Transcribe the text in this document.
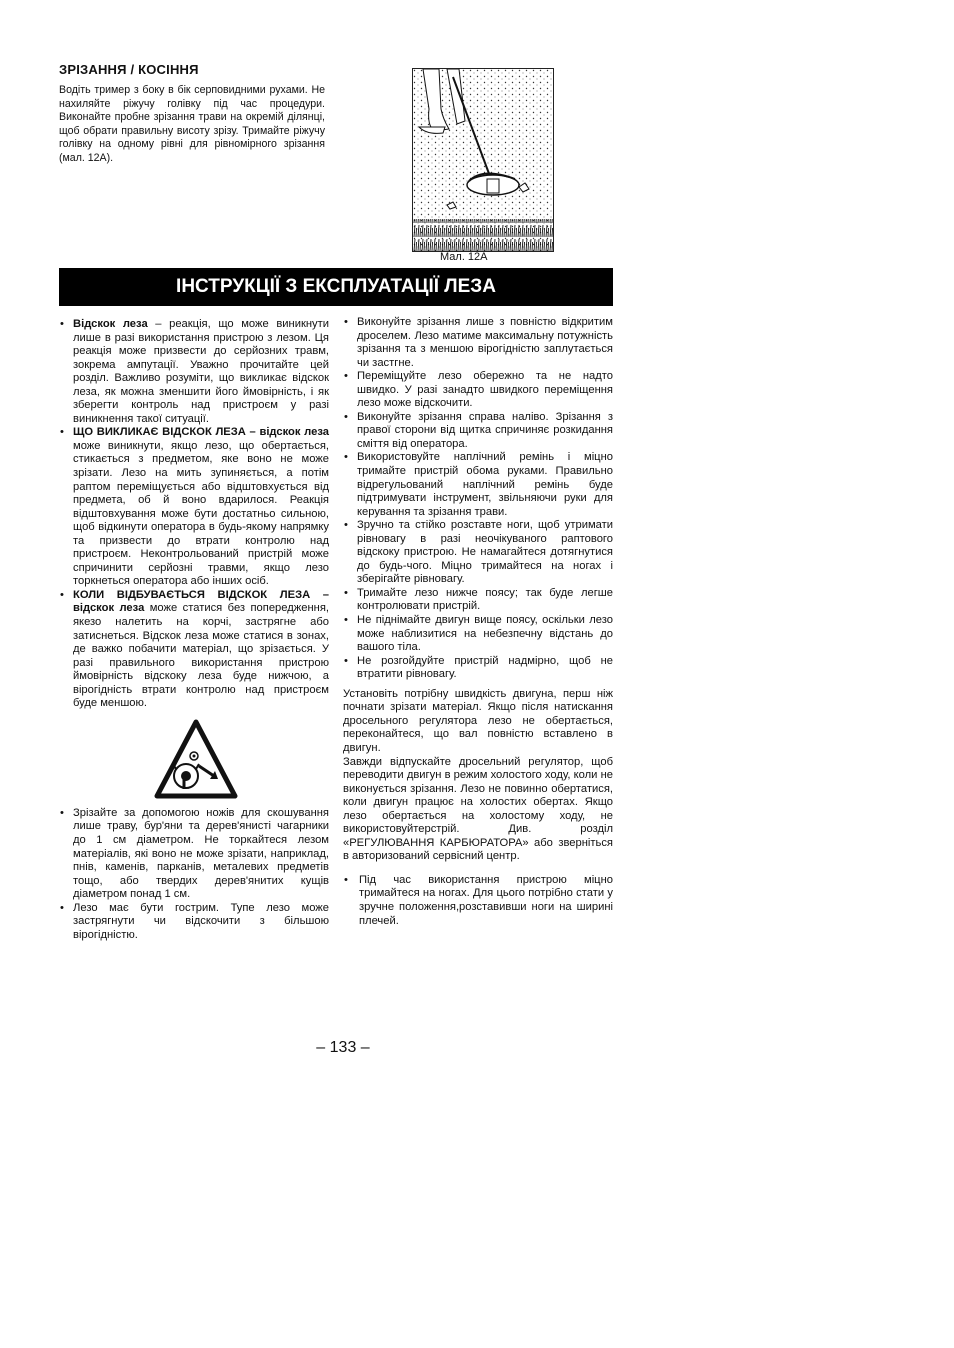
ЗРІЗАННЯ / КОСІННЯ

Водіть тример з боку в бік серповидними рухами. Не нахиляйте ріжучу голівку під час процедури. Виконайте пробне зрізання трави на окремій ділянці, щоб обрати правильну висоту зрізу. Тримайте ріжучу голівку на одному рівні для рівномірного зрізання (мал. 12А).

Мал. 12А
ІНСТРУКЦІЇ З ЕКСПЛУАТАЦІЇ ЛЕЗА
• Відскок леза – реакція, що може виникнути лише в разі використання пристрою з лезом. Ця реакція може призвести до серйозних травм, зокрема ампутації. Уважно прочитайте цей розділ. Важливо розуміти, що викликає відскок леза, як можна зменшити його ймовірність, і як зберегти контроль над пристроєм у разі виникнення такої ситуації.
• ЩО ВИКЛИКАЄ ВІДСКОК ЛЕЗА – відскок леза може виникнути, якщо лезо, що обертається, стикається з предметом, яке воно не може зрізати. Лезо на мить зупиняється, а потім раптом переміщується або відштовхується від предмета, об й воно вдарилося. Реакція відштовхування може бути достатньо сильною, щоб відкинути оператора в будь-якому напрямку та призвести до втрати контролю над пристроєм. Неконтрольований пристрій може спричинити серйозні травми, якщо лезо торкнеться оператора або інших осіб.
• КОЛИ ВІДБУВАЄТЬСЯ ВІДСКОК ЛЕЗА – відскок леза може статися без попередження, якезо налетить на корчі, застрягне або затиснеться. Відскок леза може статися в зонах, де важко побачити матеріал, що зрізається. У разі правильного використання пристрою ймовірність відскоку леза буде нижчою, а вірогідність втрати контролю над пристроєм буде меншою.
• Зрізайте за допомогою ножів для скошування лише траву, бур'яни та дерев'янисті чагарники до 1 см діаметром. Не торкайтеся лезом матеріалів, які воно не може зрізати, наприклад, пнів, каменів, парканів, металевих предметів тощо, або твердих дерев'янитих кущів діаметром понад 1 см.
• Лезо має бути гострим. Тупе лезо може застрягнути чи відскочити з більшою вірогідністю.
• Виконуйте зрізання лише з повністю відкритим дроселем. Лезо матиме максимальну потужність зрізання та з меншою вірогідністю заплутається чи застгне.
• Переміщуйте лезо обережно та не надто швидко. У разі занадто швидкого переміщення лезо може відскочити.
• Виконуйте зрізання справа наліво. Зрізання з правої сторони від щитка спричиняє розкидання сміття від оператора.
• Використовуйте наплічний ремінь і міцно тримайте пристрій обома руками. Правильно відрегульований наплічний ремінь буде підтримувати інструмент, звільняючи руки для керування та зрізання трави.
• Зручно та стійко розставте ноги, щоб утримати рівновагу в разі неочікуваного раптового відскоку пристрою. Не намагайтеся дотягнутися до будь-чого. Міцно тримайтеся на ногах і зберігайте рівновагу.
• Тримайте лезо нижче поясу; так буде легше контролювати пристрій.
• Не піднімайте двигун вище поясу, оскільки лезо може наблизитися на небезпечну відстань до вашого тіла.
• Не розгойдуйте пристрій надмірно, щоб не втратити рівновагу.

Установіть потрібну швидкість двигуна, перш ніж почнати зрізати матеріал. Якщо після натискання дросельного регулятора лезо не обертається, переконайтеся, що вал повністю вставлено в двигун.

Завжди відпускайте дросельний регулятор, щоб переводити двигун в режим холостого ходу, коли не виконується зрізання. Лезо не повинно обертатися, коли двигун працює на холостих обертах. Якщо лезо обертається на холостому ходу, не використовуйтерстрій. Див. розділ «РЕГУЛЮВАННЯ КАРБЮРАТОРА» або зверніться в авторизований сервісний центр.

• Під час використання пристрою міцно тримайтеся на ногах. Для цього потрібно стати у зручне положення,розставивши ноги на ширині плечей.
– 133 –
